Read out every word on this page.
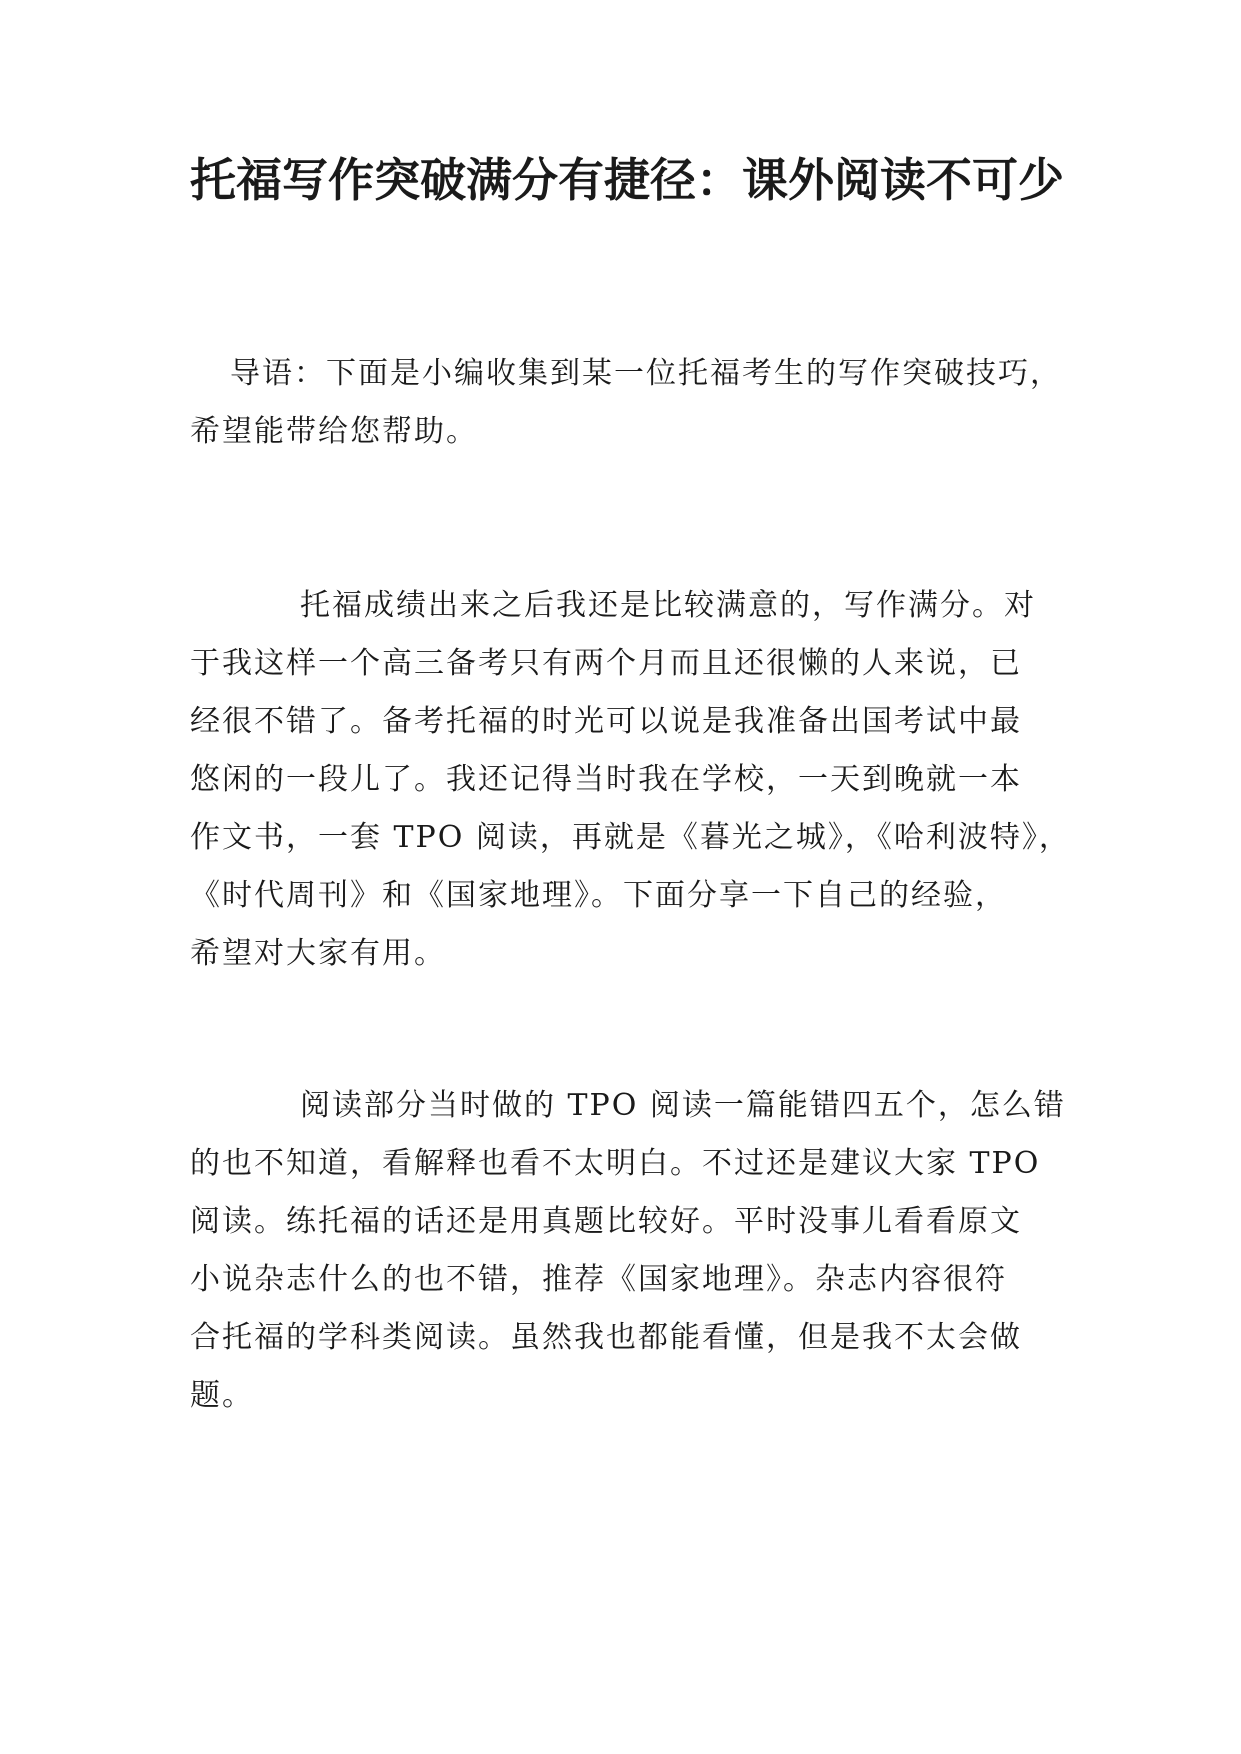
托福写作突破满分有捷径：课外阅读不可少
导语：下面是小编收集到某一位托福考生的写作突破技巧，
希望能带给您帮助。
托福成绩出来之后我还是比较满意的，写作满分。对
于我这样一个高三备考只有两个月而且还很懒的人来说，已
经很不错了。备考托福的时光可以说是我准备出国考试中最
悠闲的一段儿了。我还记得当时我在学校，一天到晚就一本
作文书，一套 TPO 阅读，再就是《暮光之城》，《哈利波特》，
《时代周刊》和《国家地理》。下面分享一下自己的经验，
希望对大家有用。
阅读部分当时做的 TPO 阅读一篇能错四五个，怎么错
的也不知道，看解释也看不太明白。不过还是建议大家 TPO
阅读。练托福的话还是用真题比较好。平时没事儿看看原文
小说杂志什么的也不错，推荐《国家地理》。杂志内容很符
合托福的学科类阅读。虽然我也都能看懂，但是我不太会做
题。
